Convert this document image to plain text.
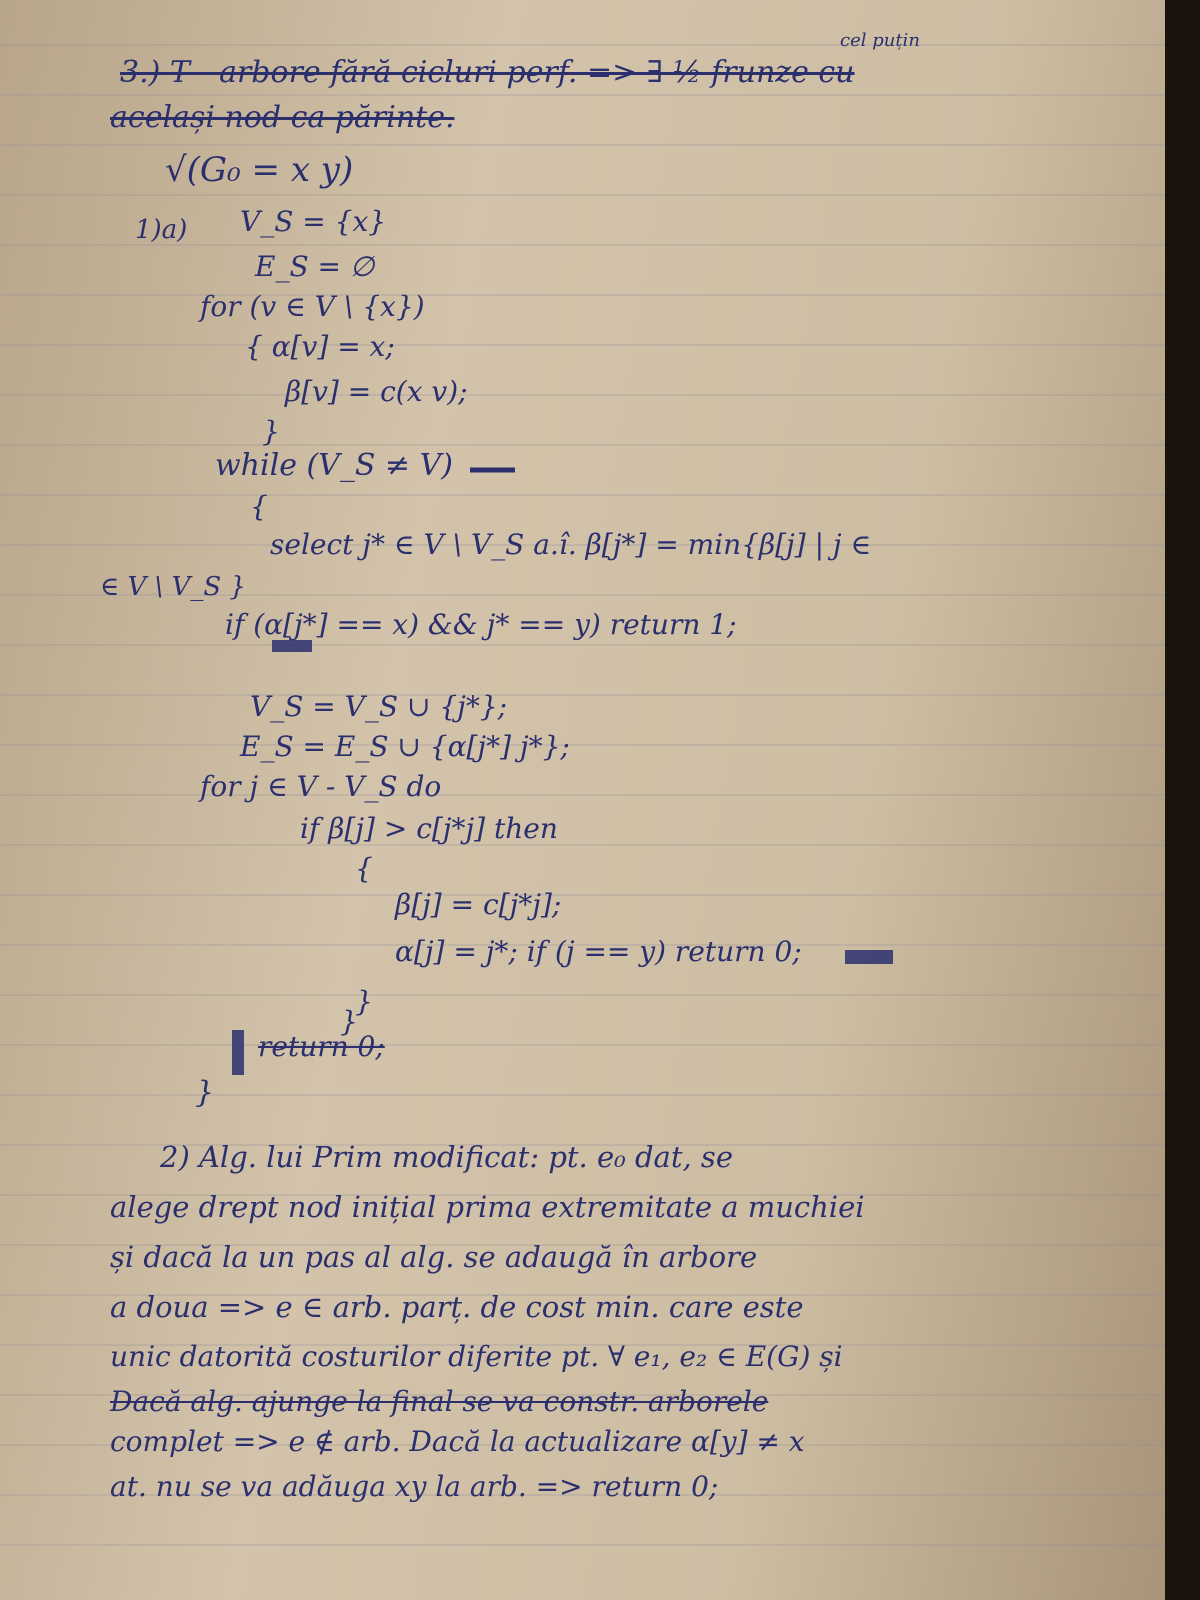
3.) T - arbore fără cicluri perf. => ∃ ½ frunze cu
cel puțin
același nod ca părinte.
√(G₀ = x y)
1)a) V_S = {x}
E_S = ∅
for (v ∈ V \ {x})
{ α[v] = x;
β[v] = c(x v);
}
while (V_S ≠ V)
{
select j* ∈ V \ V_S a.î. β[j*] = min{β[j] | j ∈
∈ V \ V_S }
if (α[j*] == x) && j* == y) return 1;
V_S = V_S ∪ {j*};
E_S = E_S ∪ {α[j*] j*};
for j ∈ V - V_S do
if β[j] > c[j*j] then
{
β[j] = c[j*j];
α[j] = j*; if (j == y) return 0;
}
}
return 0;
}
2) Alg. lui Prim modificat: pt. e₀ dat, se
alege drept nod inițial prima extremitate a muchiei
și dacă la un pas al alg. se adaugă în arbore
a doua => e ∈ arb. parț. de cost min. care este
unic datorită costurilor diferite pt. ∀ e₁, e₂ ∈ E(G) și
Dacă alg. ajunge la final se va constr. arborele
complet => e ∉ arb. Dacă la actualizare α[y] ≠ x
at. nu se va adăuga xy la arb. => return 0;
